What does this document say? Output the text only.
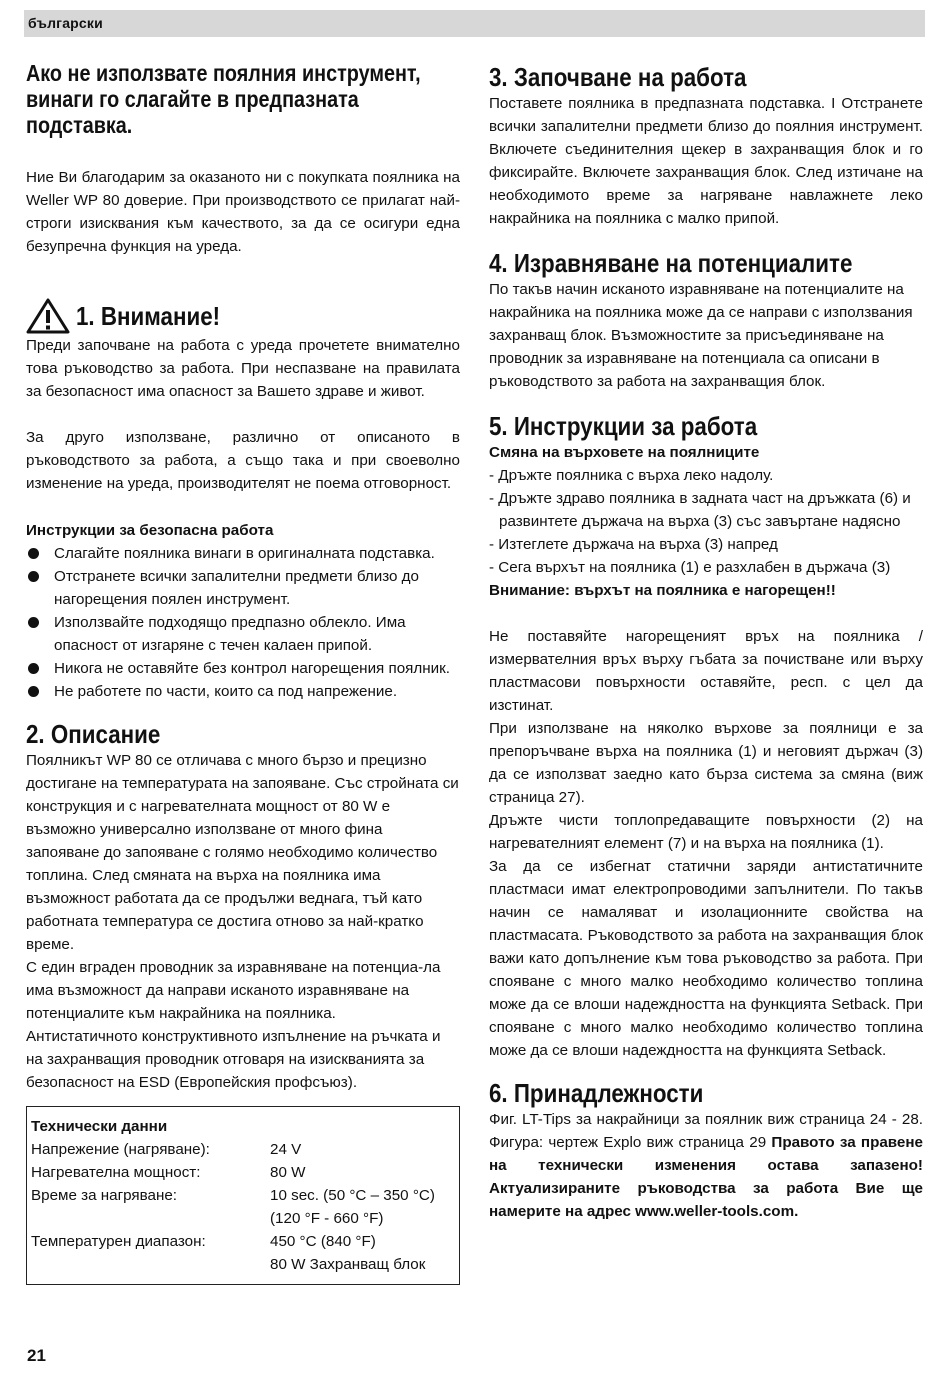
български
Ако не използвате поялния инструмент, винаги го слагайте в предпазната подставка.

Ние Ви благодарим за оказаното ни с покупката поялника на Weller WP 80 доверие. При производството се прилагат най-строги изисквания към качеството, за да се осигури една безупречна функция на уреда.

1. Внимание!

Преди започване на работа с уреда прочетете внимателно това ръководство за работа. При неспазване на правилата за безопасност има опасност за Вашето здраве и живот.

За друго използване, различно от описаното в ръководството за работа, а също така и при своеволно изменение на уреда, производителят не поема отговорност.

Инструкции за безопасна работа
Слагайте поялника винаги в оригиналната подставка.
Отстранете всички запалителни предмети близо до нагорещения поялен инструмент.
Използвайте подходящо предпазно облекло. Има опасност от изгаряне с течен калаен припой.
Никога не оставяйте без контрол нагорещения поялник.
Не работете по части, които са под напрежение.
2. Описание

Поялникът WP 80 се отличава с много бързо и прецизно достигане на температурата на запояване. Със стройната си конструкция и с нагревателната мощност от 80 W е възможно универсално използване от много фина запояване до запояване с голямо необходимо количество топлина. След смяната на върха на поялника има възможност работата да се продължи веднага, тъй като работната температура се достига отново за най-кратко време.

С един вграден проводник за изравняване на потенциа-ла има възможност да направи исканото изравняване на потенциалите към накрайника на поялника.

Антистатичното конструктивното изпълнение на ръчката и на захранващия проводник отговаря на изискванията за безопасност на ESD (Европейския профсъюз).

Технически данни
Напрежение (нагряване):	24 V
Нагревателна мощност:	80 W
Време за нагряване:	10 sec. (50 °C – 350 °C)
	(120 °F - 660 °F)
Температурен диапазон:	450 °C (840 °F)
	80 W Захранващ блок
3. Започване на работа

Поставете поялника в предпазната подставка. I Отстранете всички запалителни предмети близо до поялния инструмент. Включете съединителния щекер в захранващия блок и го фиксирайте. Включете захранващия блок. След изтичане на необходимото време за нагряване навлажнете леко накрайника на поялника с малко припой.

4. Изравняване на потенциалите

По такъв начин исканото изравняване на потенциалите на накрайника на поялника може да се направи с използвания захранващ блок. Възможностите за присъединяване на проводник за изравняване на потенциала са описани в ръководството за работа на захранващия блок.

5. Инструкции за работа
Смяна на върховете на поялниците
- Дръжте поялника с върха леко надолу.
- Дръжте здраво поялника в задната част на дръжката (6) и развинтете държача на върха (3) със завъртане надясно
- Изтеглете държача на върха (3) напред
- Сега върхът на поялника (1) е разхлабен в държача (3)
Внимание: върхът на поялника е нагорещен!!

Не поставяйте нагорещеният връх на поялника / измервателния връх върху гъбата за почистване или върху пластмасови повърхности оставяйте, респ. с цел да изстинат.

При използване на няколко върхове за поялници е за препоръчване върха на поялника (1) и неговият държач (3) да се използват заедно като бърза система за смяна (виж страница 27).

Дръжте чисти топлопредаващите повърхности (2) на нагревателният елемент (7) и на върха на поялника (1).

За да се избегнат статични заряди антистатичните пластмаси имат електропроводими запълнители. По такъв начин се намаляват и изолационните свойства на пластмасата. Ръководството за работа на захранващия блок важи като допълнение към това ръководство за работа. При спояване с много малко необходимо количество топлина може да се влоши надеждността на функцията Setback. При спояване с много малко необходимо количество топлина може да се влоши надеждността на функцията Setback.

6. Принадлежности

Фиг. LT-Tips за накрайници за поялник виж страница 24 - 28. Фигура: чертеж Explo виж страница 29 Правото за правене на технически изменения остава запазено! Актуализираните ръководства за работа Вие ще намерите на адрес www.weller-tools.com.

21
